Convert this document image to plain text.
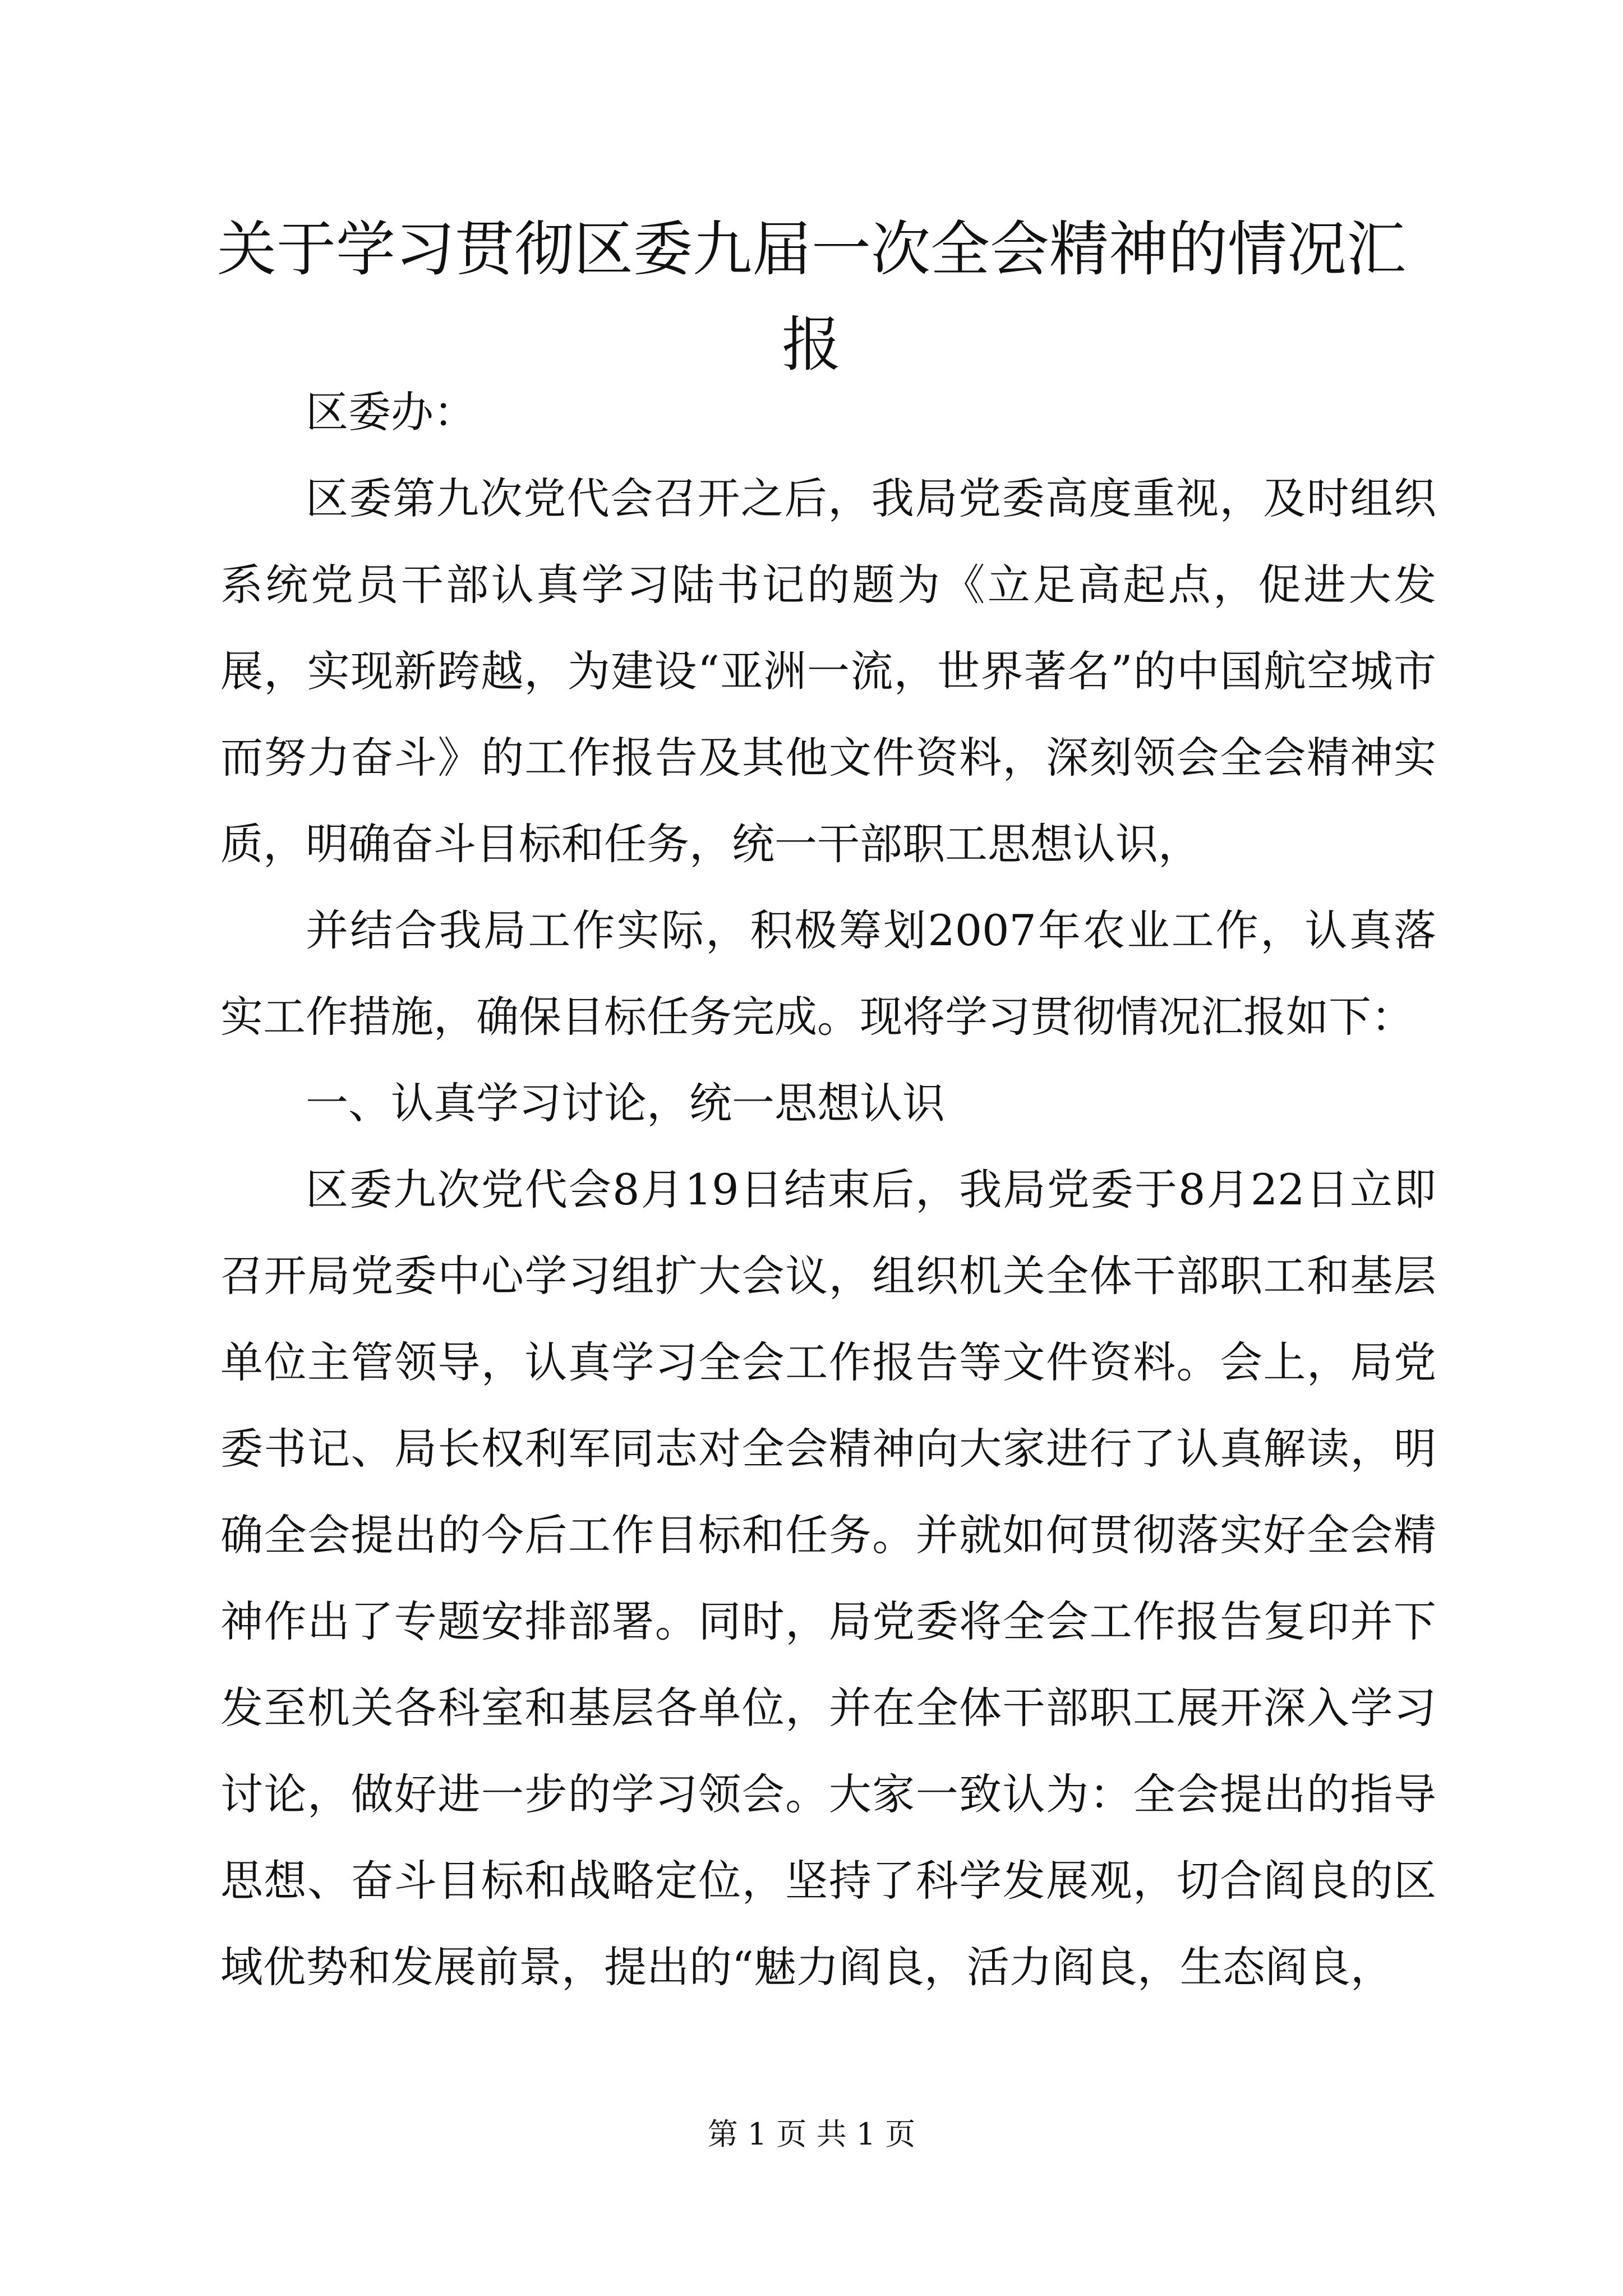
关于学习贯彻区委九届一次全会精神的情况汇报

区委办：

区委第九次党代会召开之后，我局党委高度重视，及时组织系统党员干部认真学习陆书记的题为《立足高起点，促进大发展，实现新跨越，为建设“亚洲一流，世界著名”的中国航空城市而努力奋斗》的工作报告及其他文件资料，深刻领会全会精神实质，明确奋斗目标和任务，统一干部职工思想认识，

并结合我局工作实际，积极筹划2007年农业工作，认真落实工作措施，确保目标任务完成。现将学习贯彻情况汇报如下：

一、认真学习讨论，统一思想认识

区委九次党代会8月19日结束后，我局党委于8月22日立即召开局党委中心学习组扩大会议，组织机关全体干部职工和基层单位主管领导，认真学习全会工作报告等文件资料。会上，局党委书记、局长权利军同志对全会精神向大家进行了认真解读，明确全会提出的今后工作目标和任务。并就如何贯彻落实好全会精神作出了专题安排部署。同时，局党委将全会工作报告复印并下发至机关各科室和基层各单位，并在全体干部职工展开深入学习讨论，做好进一步的学习领会。大家一致认为：全会提出的指导思想、奋斗目标和战略定位，坚持了科学发展观，切合阎良的区域优势和发展前景，提出的“魅力阎良，活力阎良，生态阎良，

第 1 页 共 1 页
